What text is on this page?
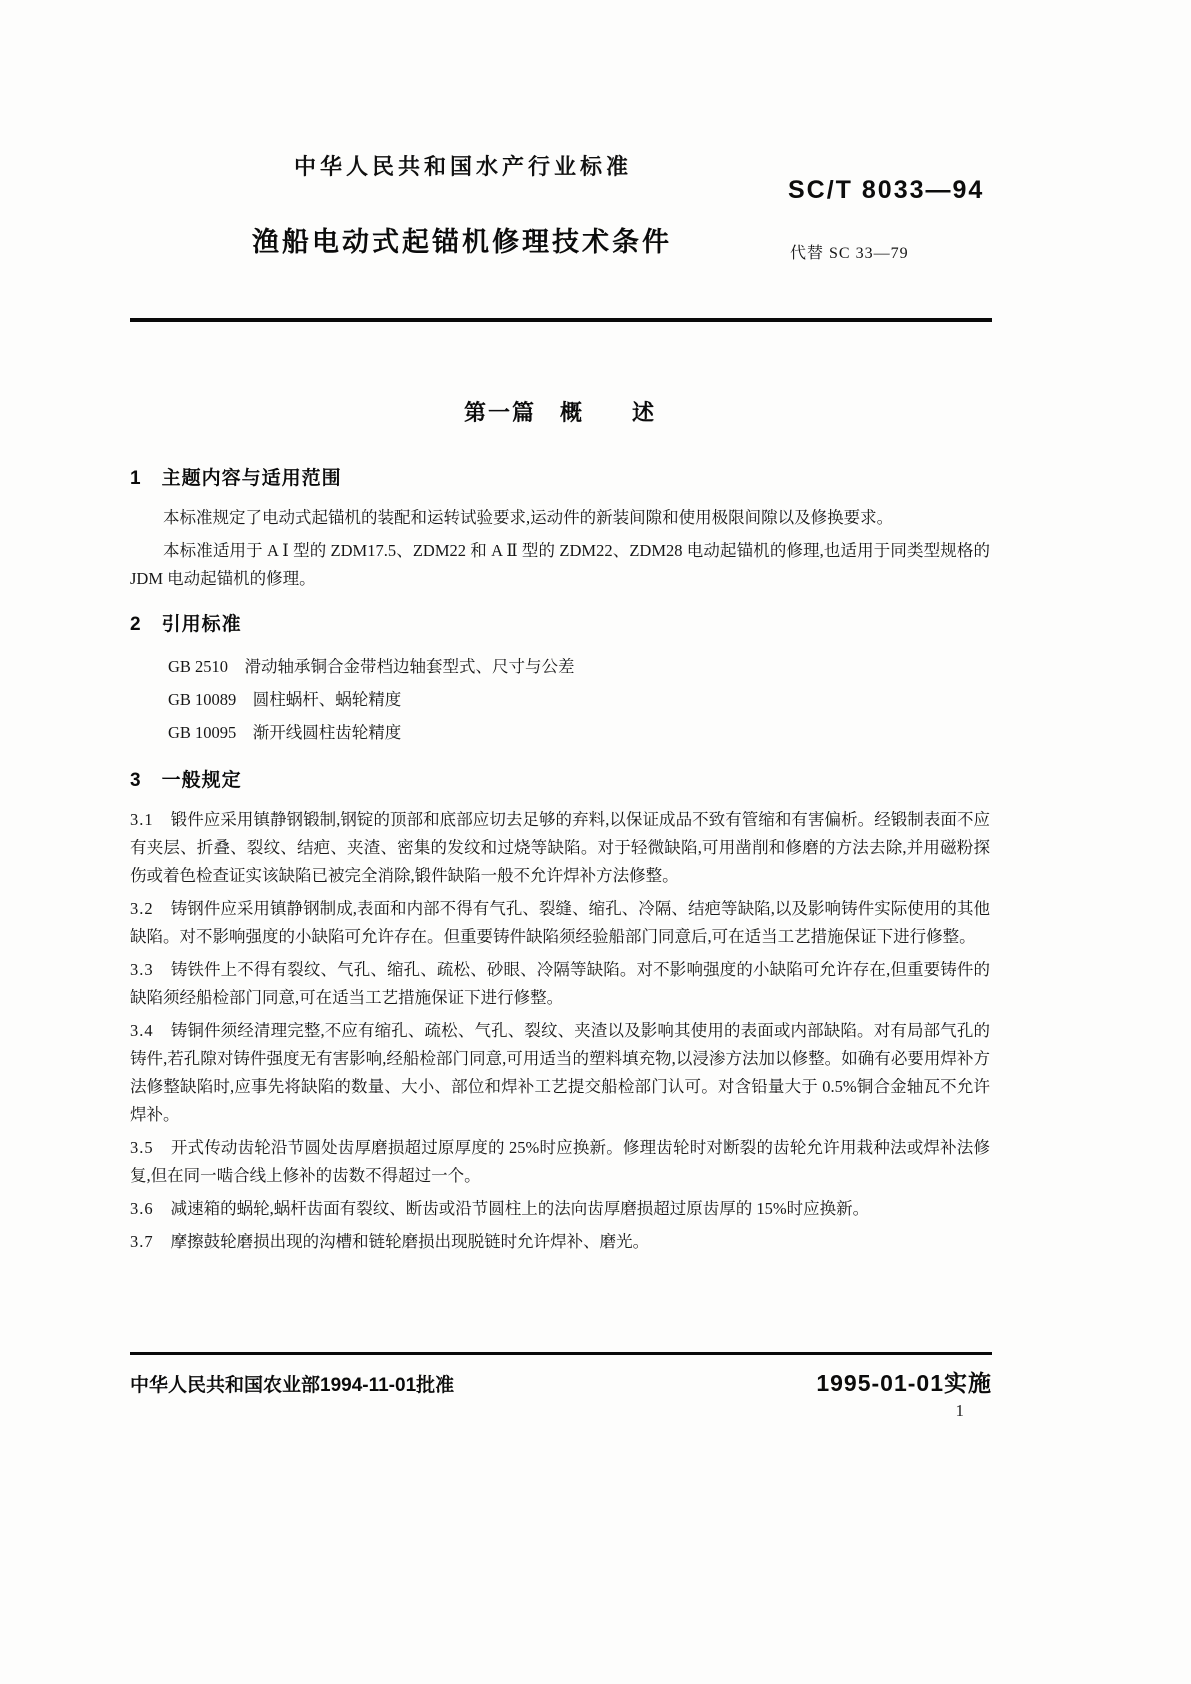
中华人民共和国水产行业标准
SC/T 8033—94
渔船电动式起锚机修理技术条件	代替 SC 33—79
第一篇　概　　述
1　主题内容与适用范围

本标准规定了电动式起锚机的装配和运转试验要求,运动件的新装间隙和使用极限间隙以及修换要求。

本标准适用于 A Ⅰ 型的 ZDM17.5、ZDM22 和 A Ⅱ 型的 ZDM22、ZDM28 电动起锚机的修理,也适用于同类型规格的 JDM 电动起锚机的修理。

2　引用标准

GB 2510　滑动轴承铜合金带档边轴套型式、尺寸与公差

GB 10089　圆柱蜗杆、蜗轮精度

GB 10095　渐开线圆柱齿轮精度

3　一般规定

3.1 锻件应采用镇静钢锻制,钢锭的顶部和底部应切去足够的弃料,以保证成品不致有管缩和有害偏析。经锻制表面不应有夹层、折叠、裂纹、结疤、夹渣、密集的发纹和过烧等缺陷。对于轻微缺陷,可用凿削和修磨的方法去除,并用磁粉探伤或着色检查证实该缺陷已被完全消除,锻件缺陷一般不允许焊补方法修整。

3.2 铸钢件应采用镇静钢制成,表面和内部不得有气孔、裂缝、缩孔、冷隔、结疤等缺陷,以及影响铸件实际使用的其他缺陷。对不影响强度的小缺陷可允许存在。但重要铸件缺陷须经验船部门同意后,可在适当工艺措施保证下进行修整。

3.3 铸铁件上不得有裂纹、气孔、缩孔、疏松、砂眼、冷隔等缺陷。对不影响强度的小缺陷可允许存在,但重要铸件的缺陷须经船检部门同意,可在适当工艺措施保证下进行修整。

3.4 铸铜件须经清理完整,不应有缩孔、疏松、气孔、裂纹、夹渣以及影响其使用的表面或内部缺陷。对有局部气孔的铸件,若孔隙对铸件强度无有害影响,经船检部门同意,可用适当的塑料填充物,以浸渗方法加以修整。如确有必要用焊补方法修整缺陷时,应事先将缺陷的数量、大小、部位和焊补工艺提交船检部门认可。对含铅量大于 0.5%铜合金轴瓦不允许焊补。

3.5 开式传动齿轮沿节圆处齿厚磨损超过原厚度的 25%时应换新。修理齿轮时对断裂的齿轮允许用栽种法或焊补法修复,但在同一啮合线上修补的齿数不得超过一个。

3.6 减速箱的蜗轮,蜗杆齿面有裂纹、断齿或沿节圆柱上的法向齿厚磨损超过原齿厚的 15%时应换新。

3.7 摩擦鼓轮磨损出现的沟槽和链轮磨损出现脱链时允许焊补、磨光。

中华人民共和国农业部1994-11-01批准	1995-01-01实施
1
